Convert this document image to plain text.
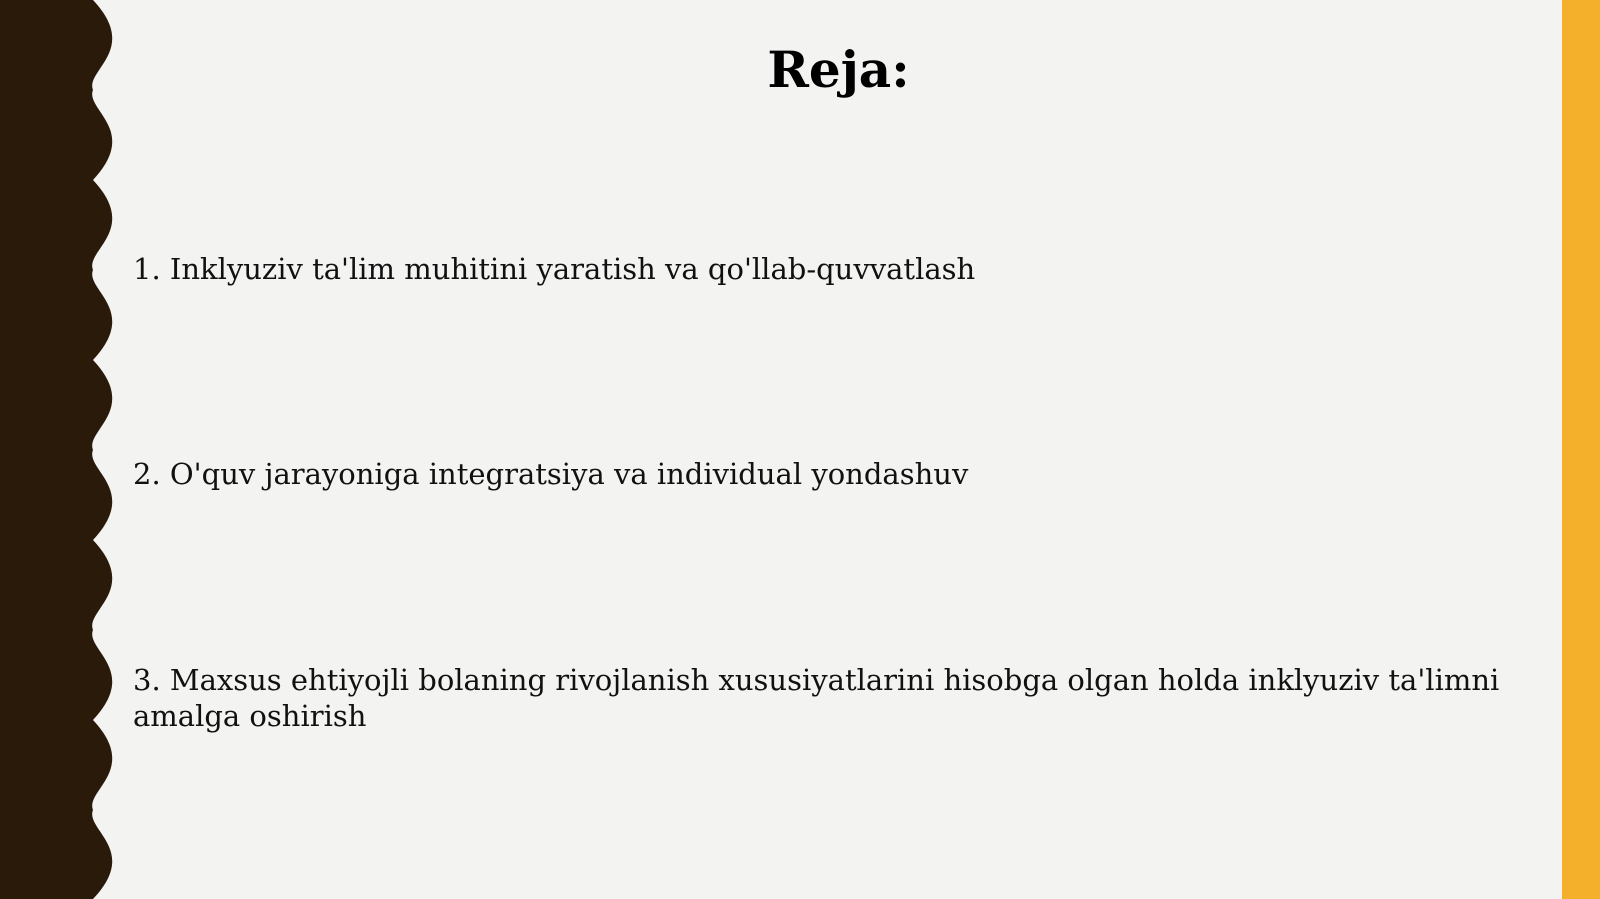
Reja:
1. Inklyuziv ta'lim muhitini yaratish va qo'llab-quvvatlash
2. O'quv jarayoniga integratsiya va individual yondashuv
3. Maxsus ehtiyojli bolaning rivojlanish xususiyatlarini hisobga olgan holda inklyuziv ta'limni amalga oshirish
